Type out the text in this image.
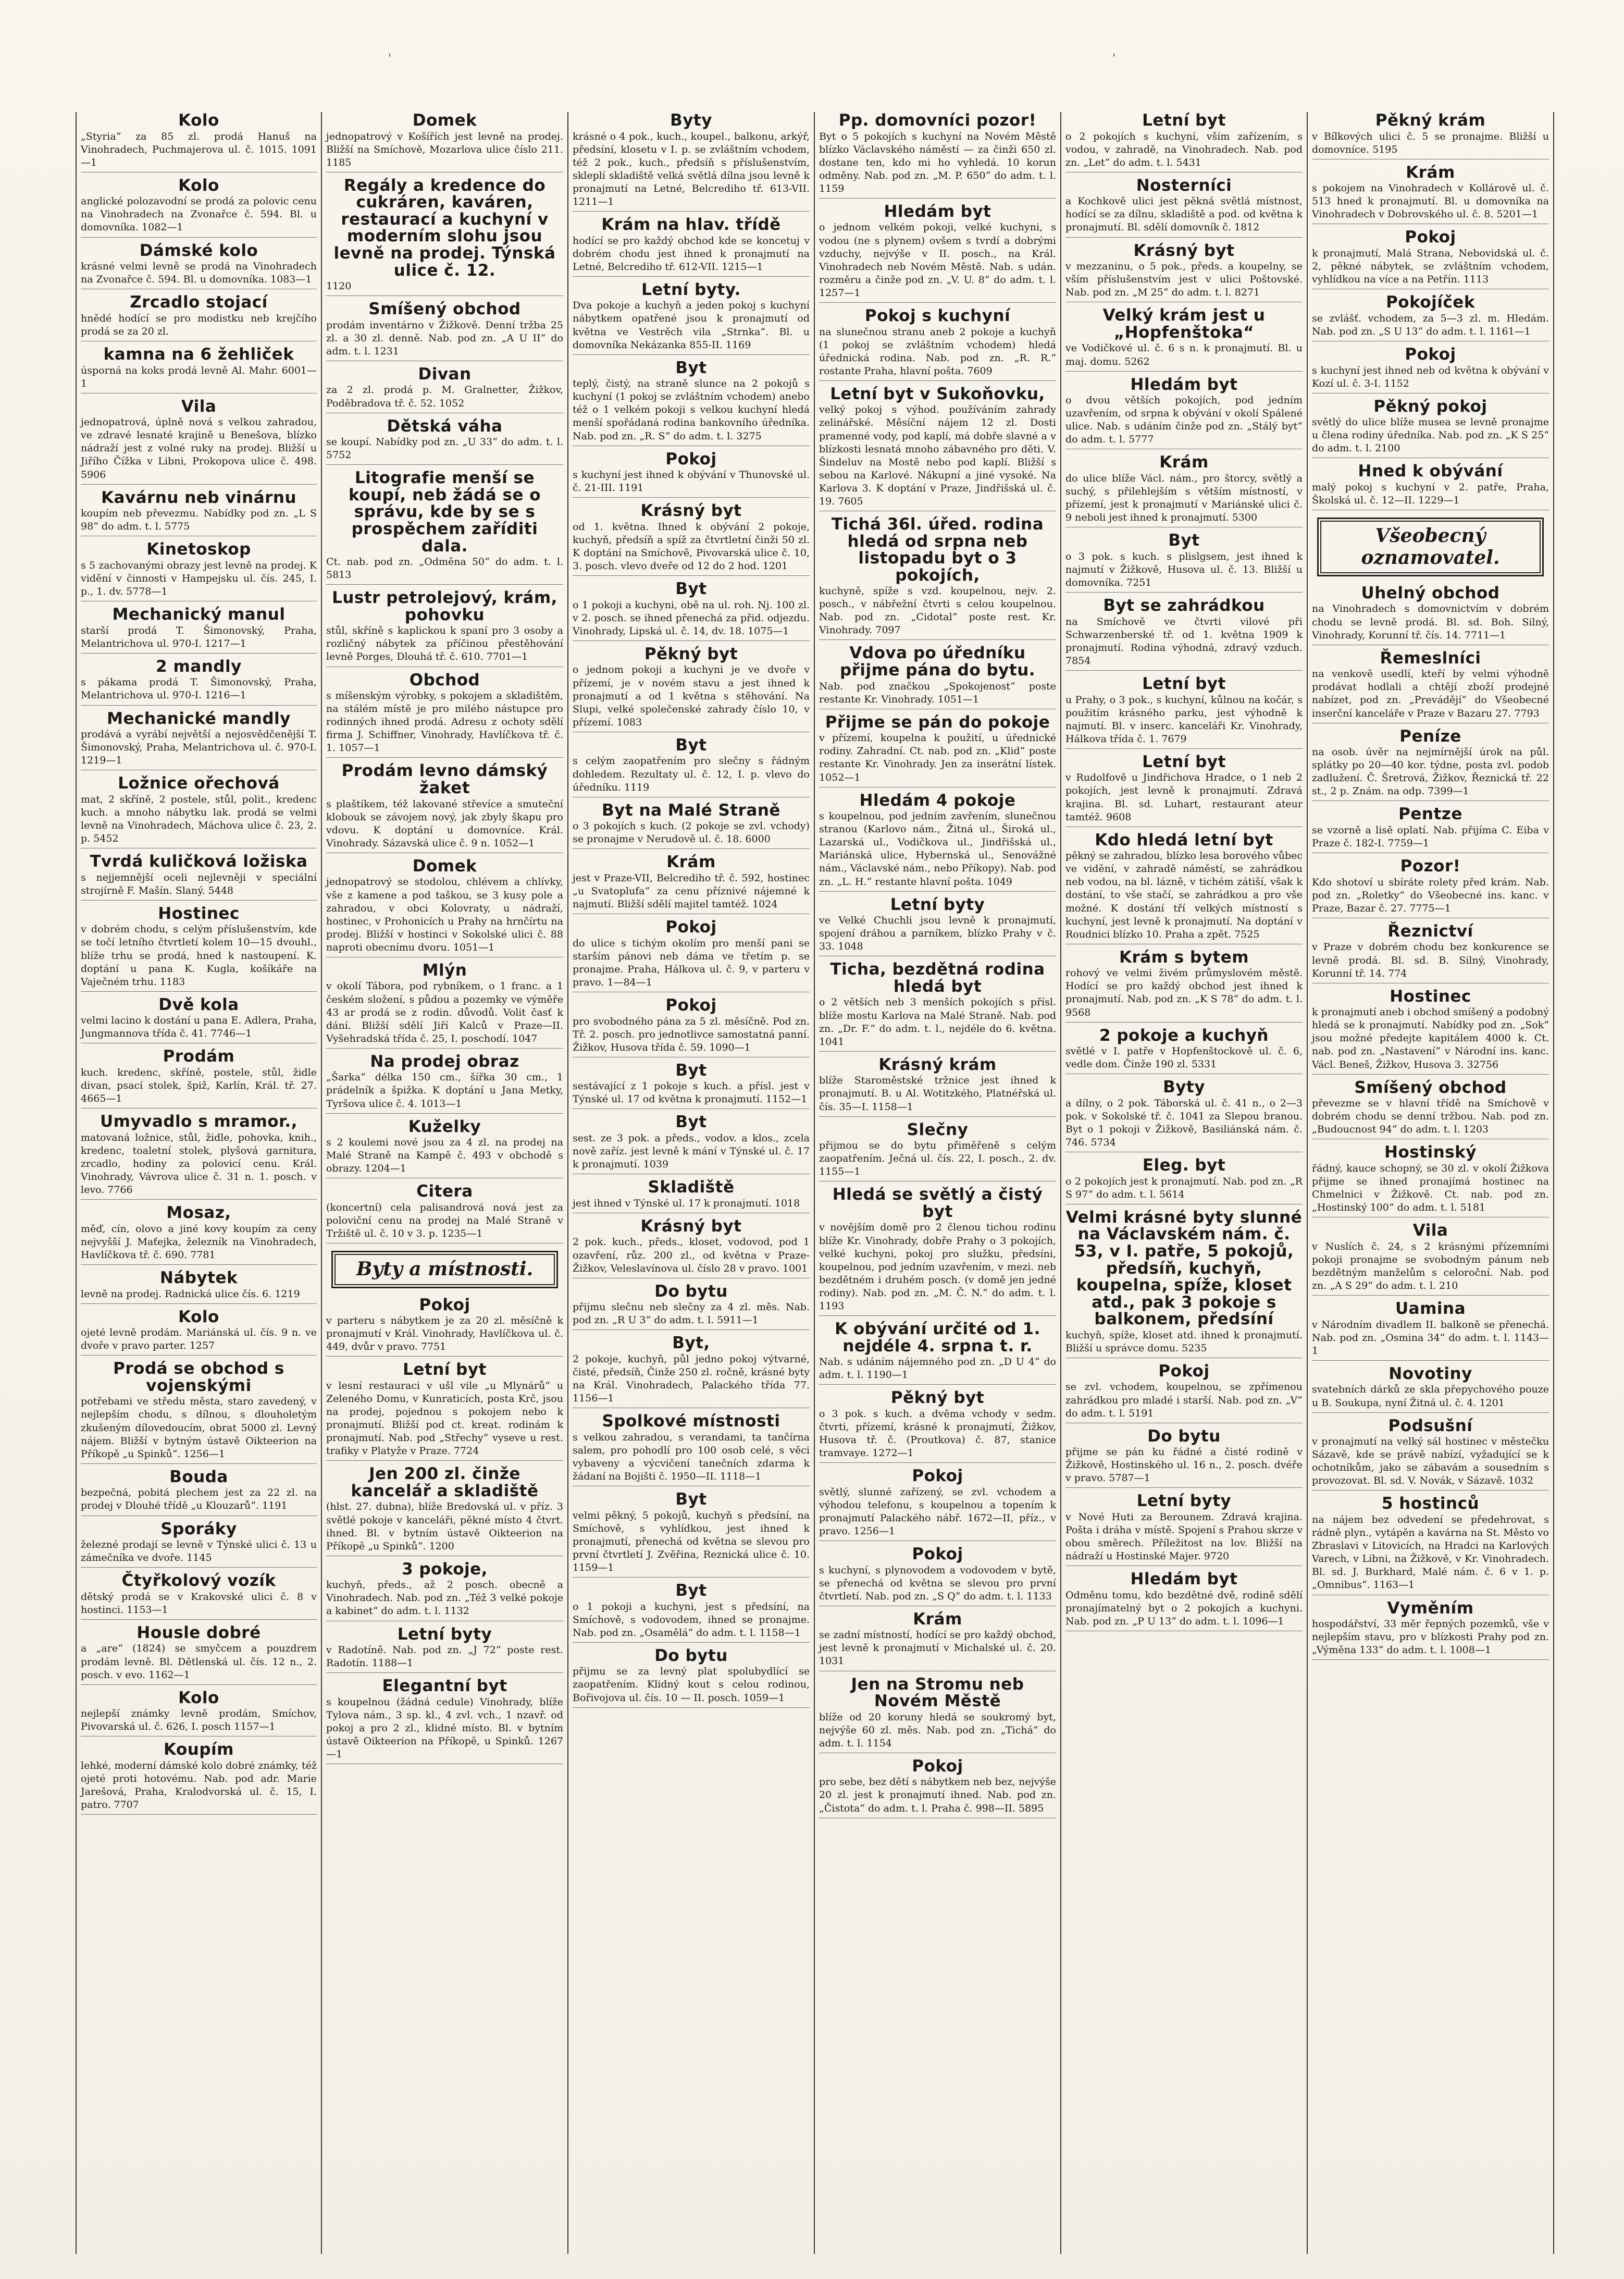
'	'
Kolo
„Styria“ za 85 zl. prodá Hanuš na Vinohradech, Puchmajerova ul. č. 1015. 1091—1
Kolo
anglické polozavodní se prodá za polovic cenu na Vinohradech na Zvonařce č. 594. Bl. u domovníka. 1082—1
Dámské kolo
krásné velmi levně se prodá na Vinohradech na Zvonařce č. 594. Bl. u domovníka. 1083—1
Zrcadlo stojací
hnědé hodící se pro modistku neb krejčího prodá se za 20 zl.
kamna na 6 žehliček
úsporná na koks prodá levně Al. Mahr. 6001—1
Vila
jednopatrová, úplně nová s velkou zahradou, ve zdravé lesnaté krajině u Benešova, blízko nádraží jest z volné ruky na prodej. Bližší u Jiřího Čížka v Libni, Prokopova ulice č. 498. 5906
Kavárnu neb vinárnu
koupím neb převezmu. Nabídky pod zn. „L S 98“ do adm. t. l. 5775
Kinetoskop
s 5 zachovanými obrazy jest levně na prodej. K vidění v činnosti v Hampejsku ul. čís. 245, I. p., 1. dv. 5778—1
Mechanický manul
starší prodá T. Šimonovský, Praha, Melantrichova ul. 970-I. 1217—1
2 mandly
s pákama prodá T. Šimonovský, Praha, Melantrichova ul. 970-I. 1216—1
Mechanické mandly
prodává a vyrábí největší a nejosvědčenější T. Šimonovský, Praha, Melantrichova ul. č. 970-I. 1219—1
Ložnice ořechová
mat, 2 skříně, 2 postele, stůl, polit., kredenc kuch. a mnoho nábytku lak. prodá se velmi levně na Vinohradech, Máchova ulice č. 23, 2. p. 5452
Tvrdá kuličková ložiska
s nejjemnější oceli nejlevněji v speciální strojírně F. Mašín. Slaný. 5448
Hostinec
v dobrém chodu, s celým příslušenstvím, kde se točí letního čtvrtletí kolem 10—15 dvouhl., blíže trhu se prodá, hned k nastoupení. K. doptání u pana K. Kugla, košíkáře na Vaječném trhu. 1183
Dvě kola
velmi lacino k dostání u pana E. Adlera, Praha, Jungmannova třída č. 41. 7746—1
Prodám
kuch. kredenc, skříně, postele, stůl, židle divan, psací stolek, špiž, Karlín, Král. tř. 27. 4665—1
Umyvadlo s mramor.,
matovaná ložnice, stůl, židle, pohovka, knih., kredenc, toaletní stolek, plyšová garnitura, zrcadlo, hodiny za polovicí cenu. Král. Vinohrady, Vávrova ulice č. 31 n. 1. posch. v levo. 7766
Mosaz,
měď, cín, olovo a jiné kovy koupím za ceny nejvyšší J. Maťejka, železník na Vinohradech, Havlíčkova tř. č. 690. 7781
Nábytek
levně na prodej. Radnická ulice čís. 6. 1219
Kolo
ojeté levně prodám. Mariánská ul. čís. 9 n. ve dvoře v pravo parter. 1257
Prodá se obchod s vojenskými
potřebami ve středu města, staro zavedený, v nejlepším chodu, s dílnou, s dlouholetým zkušeným dílovedoucím, obrat 5000 zl. Levný nájem. Bližší v bytným ústavě Oikteerion na Příkopě „u Spinků“. 1256—1
Bouda
bezpečná, pobitá plechem jest za 22 zl. na prodej v Dlouhé třídě „u Klouzarů“. 1191
Sporáky
železné prodají se levně v Týnské ulici č. 13 u zámečníka ve dvoře. 1145
Čtyřkolový vozík
dětský prodá se v Krakovské ulici č. 8 v hostinci. 1153—1
Housle dobré
a „are“ (1824) se smyčcem a pouzdrem prodám levně. Bl. Dětlenská ul. čís. 12 n., 2. posch. v evo. 1162—1
Kolo
nejlepší známky levně prodám, Smíchov, Pivovarská ul. č. 626, I. posch 1157—1
Koupím
lehké, moderní dámské kolo dobré známky, též ojeté proti hotovému. Nab. pod adr. Marie Jarešová, Praha, Kralodvorská ul. č. 15, I. patro. 7707
Domek
jednopatrový v Košířích jest levně na prodej. Bližší na Smíchově, Mozarlova ulice číslo 211. 1185
Regály a kredence do cukráren, kaváren, restaurací a kuchyní v moderním slohu jsou levně na prodej. Týnská ulice č. 12.
1120
Smíšený obchod
prodám inventárno v Žižkově. Denní tržba 25 zl. a 30 zl. denně. Nab. pod zn. „A U II“ do adm. t. l. 1231
Divan
za 2 zl. prodá p. M. Gralnetter, Žižkov, Poděbradova tř. č. 52. 1052
Dětská váha
se koupí. Nabídky pod zn. „U 33“ do adm. t. l. 5752
Litografie menší se koupí, neb žádá se o správu, kde by se s prospěchem zaříditi dala.
Ct. nab. pod zn. „Odměna 50“ do adm. t. l. 5813
Lustr petrolejový, krám, pohovku
stůl, skříně s kaplickou k spaní pro 3 osoby a rozličný nábytek za příčinou přestěhování levně Porges, Dlouhá tř. č. 610. 7701—1
Obchod
s míšenským výrobky, s pokojem a skladištěm, na stálém místě je pro milého nástupce pro rodinných ihned prodá. Adresu z ochoty sdělí firma J. Schiffner, Vinohrady, Havlíčkova tř. č. 1. 1057—1
Prodám levno dámský žaket
s plaštíkem, též lakované střevíce a smuteční klobouk se závojem nový, jak zbyly škapu pro vdovu. K doptání u domovníce. Král. Vinohrady. Sázavská ulice č. 9 n. 1052—1
Domek
jednopatrový se stodolou, chlévem a chlívky, vše z kamene a pod taškou, se 3 kusy pole a zahradou, v obci Kolovraty, u nádraží, hostinec, v Prohonicích u Prahy na hrnčírtu na prodej. Bližší v hostinci v Sokolské ulici č. 88 naproti obecnímu dvoru. 1051—1
Mlýn
v okolí Tábora, pod rybníkem, o 1 franc. a 1 českém složení, s půdou a pozemky ve výměře 43 ar prodá se z rodin. důvodů. Volit časť k dání. Bližší sdělí Jiří Kalců v Praze—II. Vyšehradská třída č. 25, I. poschodí. 1047
Na prodej obraz
„Šarka“ délka 150 cm., šířka 30 cm., 1 prádelník a špižka. K doptání u Jana Metky, Tyršova ulice č. 4. 1013—1
Kuželky
s 2 koulemi nové jsou za 4 zl. na prodej na Malé Straně na Kampě č. 493 v obchodě s obrazy. 1204—1
Citera
(koncertní) cela palisandrová nová jest za poloviční cenu na prodej na Malé Straně v Tržiště ul. č. 10 v 3. p. 1235—1
Byty a místnosti.
Pokoj
v parteru s nábytkem je za 20 zl. měsíčně k pronajmutí v Král. Vinohrady, Havlíčkova ul. č. 449, dvůr v pravo. 7751
Letní byt
v lesní restauraci v ušl vile „u Mlynárů“ u Zeleného Domu, v Kunraticích, posta Krč, jsou na prodej, pojednou s pokojem nebo k pronajmutí. Bližší pod ct. kreat. rodinám k pronajmutí. Nab. pod „Střechy“ vyseve u rest. trafiky v Platyže v Praze. 7724
Jen 200 zl. činže kancelář a skladiště
(hlst. 27. dubna), blíže Bredovská ul. v příz. 3 světlé pokoje v kanceláři, pěkné místo 4 čtvrt. ihned. Bl. v bytním ústavě Oikteerion na Příkopě „u Spinků“. 1200
3 pokoje,
kuchyň, předs., až 2 posch. obecně a Vinohradech. Nab. pod zn. „Též 3 velké pokoje a kabinet“ do adm. t. l. 1132
Letní byty
v Radotíně. Nab. pod zn. „J 72“ poste rest. Radotín. 1188—1
Elegantní byt
s koupelnou (žádná cedule) Vinohrady, blíže Tylova nám., 3 sp. kl., 4 zvl. vch., 1 nzavř. od pokoj a pro 2 zl., klidné místo. Bl. v bytním ústavě Oikteerion na Příkopě, u Spinků. 1267—1
Byty
krásné o 4 pok., kuch., koupel., balkonu, arkýř, předsíní, klosetu v I. p. se zvláštním vchodem, též 2 pok., kuch., předsíň s příslušenstvím, skleplí skladiště velká světlá dílna jsou levně k pronajmutí na Letné, Belcrediho tř. 613-VII. 1211—1
Krám na hlav. třídě
hodící se pro každý obchod kde se koncetuj v dobrém chodu jest ihned k pronajmutí na Letné, Belcrediho tř. 612-VII. 1215—1
Letní byty.
Dva pokoje a kuchyň a jeden pokoj s kuchyní nábytkem opatřené jsou k pronajmutí od května ve Vestrěch vila „Strnka“. Bl. u domovníka Nekázanka 855-II. 1169
Byt
teplý, čistý, na straně slunce na 2 pokojů s kuchyní (1 pokoj se zvláštním vchodem) anebo též o 1 velkém pokoji s velkou kuchyní hledá menší spořádaná rodina bankovního úředníka. Nab. pod zn. „R. S“ do adm. t. l. 3275
Pokoj
s kuchyní jest ihned k obývání v Thunovské ul. č. 21-III. 1191
Krásný byt
od 1. května. Ihned k obývání 2 pokoje, kuchyň, předsíň a spíž za čtvrtletní činži 50 zl. K doptání na Smíchově, Pivovarská ulice č. 10, 3. posch. vlevo dveře od 12 do 2 hod. 1201
Byt
o 1 pokoji a kuchyni, obě na ul. roh. Nj. 100 zl. v 2. posch. se ihned přenechá za přid. odjezdu. Vinohrady, Lipská ul. č. 14, dv. 18. 1075—1
Pěkný byt
o jednom pokoji a kuchyni je ve dvoře v přízemí, je v novém stavu a jest ihned k pronajmutí a od 1 května s stěhování. Na Slupi, velké společenské zahrady číslo 10, v přízemí. 1083
Byt
s celým zaopatřením pro slečny s řádným dohledem. Rezultaty ul. č. 12, I. p. vlevo do úředníku. 1119
Byt na Malé Straně
o 3 pokojích s kuch. (2 pokoje se zvl. vchody) se pronajme v Nerudově ul. č. 18. 6000
Krám
jest v Praze-VII, Belcrediho tř. č. 592, hostinec „u Svatoplufa“ za cenu příznivé nájemné k najmutí. Bližší sdělí majitel tamtéž. 1024
Pokoj
do ulice s tichým okolím pro menší pani se starším pánovi neb dáma ve třetím p. se pronajme. Praha, Hálkova ul. č. 9, v parteru v pravo. 1—84—1
Pokoj
pro svobodného pána za 5 zl. měsíčně. Pod zn. Tř. 2. posch. pro jednotlivce samostatná panní. Žižkov, Husova třída č. 59. 1090—1
Byt
sestávající z 1 pokoje s kuch. a přísl. jest v Týnské ul. 17 od května k pronajmutí. 1152—1
Byt
sest. ze 3 pok. a předs., vodov. a klos., zcela nově zaříz. jest levně k mání v Týnské ul. č. 17 k pronajmutí. 1039
Skladiště
jest ihned v Týnské ul. 17 k pronajmutí. 1018
Krásný byt
2 pok. kuch., předs., kloset, vodovod, pod 1 ozavření, růz. 200 zl., od května v Praze-Žižkov, Veleslavínova ul. číslo 28 v pravo. 1001
Do bytu
přijmu slečnu neb slečny za 4 zl. měs. Nab. pod zn. „R U 3“ do adm. t. l. 5911—1
Byt,
2 pokoje, kuchyň, půl jedno pokoj výtvarné, čisté, předsíň, Činže 250 zl. ročně, krásné byty na Král. Vinohradech, Palackého třída 77. 1156—1
Spolkové místnosti
s velkou zahradou, s verandami, ta tančírna salem, pro pohodlí pro 100 osob celé, s věci vybaveny a výcvičení tanečních zdarma k žádaní na Bojišti č. 1950—II. 1118—1
Byt
velmi pěkný, 5 pokojů, kuchyň s předsíní, na Smíchově, s vyhlídkou, jest ihned k pronajmutí, přenechá od května se slevou pro první čtvrtletí J. Zvěřina, Reznická ulice č. 10. 1159—1
Byt
o 1 pokoji a kuchyni, jest s předsíní, na Smíchově, s vodovodem, ihned se pronajme. Nab. pod zn. „Osamělá“ do adm. t. l. 1158—1
Do bytu
přijmu se za levný plat spolubydlící se zaopatřením. Klidný kout s celou rodinou, Bořivojova ul. čís. 10 — II. posch. 1059—1
Pp. domovníci pozor!
Byt o 5 pokojích s kuchyní na Novém Městě blízko Václavského náměstí — za činži 650 zl. dostane ten, kdo mi ho vyhledá. 10 korun odměny. Nab. pod zn. „M. P. 650“ do adm. t. l. 1159
Hledám byt
o jednom velkém pokoji, velké kuchyni, s vodou (ne s plynem) ovšem s tvrdí a dobrými vzduchy, nejvýše v II. posch., na Král. Vinohradech neb Novém Městě. Nab. s udán. rozměru a činže pod zn. „V. U. 8“ do adm. t. l. 1257—1
Pokoj s kuchyní
na slunečnou stranu aneb 2 pokoje a kuchyň (1 pokoj se zvláštním vchodem) hledá úřednická rodina. Nab. pod zn. „R. R.“ rostante Praha, hlavní pošta. 7609
Letní byt v Sukoňovku,
velký pokoj s výhod. používáním zahrady zelinářské. Měsíční nájem 12 zl. Dosti pramenné vody, pod kaplí, má dobře slavné a v blízkosti lesnatá mnoho zábavného pro děti. V. Šindeluv na Mostě nebo pod kaplí. Bližší s sebou na Karlové. Nákupní a jiné vysoké. Na Karlova 3. K doptání v Praze, Jindřišská ul. č. 19. 7605
Tichá 36l. úřed. rodina hledá od srpna neb listopadu byt o 3 pokojích,
kuchyně, spíže s vzd. koupelnou, nejv. 2. posch., v nábřežní čtvrti s celou koupelnou. Nab. pod zn. „Cidotal“ poste rest. Kr. Vinohrady. 7097
Vdova po úředníku přijme pána do bytu.
Nab. pod značkou „Spokojenost“ poste restante Kr. Vinohrady. 1051—1
Přijme se pán do pokoje
v přízemí, koupelna k použití, u úřednické rodiny. Zahradní. Ct. nab. pod zn. „Klid“ poste restante Kr. Vinohrady. Jen za inserátní lístek. 1052—1
Hledám 4 pokoje
s koupelnou, pod jedním zavřením, slunečnou stranou (Karlovo nám., Žitná ul., Široká ul., Lazarská ul., Vodičkova ul., Jindřišská ul., Mariánská ulice, Hybernská ul., Senovážné nám., Václavské nám., nebo Příkopy). Nab. pod zn. „L. H.“ restante hlavní pošta. 1049
Letní byty
ve Velké Chuchli jsou levně k pronajmutí, spojení dráhou a parníkem, blízko Prahy v č. 33. 1048
Ticha, bezdětná rodina hledá byt
o 2 větších neb 3 menších pokojích s přísl. blíže mostu Karlova na Malé Straně. Nab. pod zn. „Dr. F.“ do adm. t. l., nejdéle do 6. května. 1041
Krásný krám
blíže Staroměstské tržnice jest ihned k pronajmutí. B. u Al. Wotitzkého, Platnéřská ul. čís. 35—I. 1158—1
Slečny
přijmou se do bytu přiměřeně s celým zaopatřením. Ječná ul. čís. 22, I. posch., 2. dv. 1155—1
Hledá se světlý a čistý byt
v novějším domě pro 2 členou tichou rodinu blíže Kr. Vinohrady, dobře Prahy o 3 pokojích, velké kuchyni, pokoj pro služku, předsíni, koupelnou, pod jedním uzavřením, v mezi. neb bezdětném i druhém posch. (v domě jen jedné rodiny). Nab. pod zn. „M. Č. N.“ do adm. t. l. 1193
K obývání určité od 1. nejdéle 4. srpna t. r.
Nab. s udáním nájemného pod zn. „D U 4“ do adm. t. l. 1190—1
Pěkný byt
o 3 pok. s kuch. a dvěma vchody v sedm. čtvrti, přízemí, krásné k pronajmutí, Žižkov, Husova tř. č. (Proutkova) č. 87, stanice tramvaye. 1272—1
Pokoj
světlý, slunné zařízený, se zvl. vchodem a výhodou telefonu, s koupelnou a topením k pronajmutí Palackého nábř. 1672—II, příz., v pravo. 1256—1
Pokoj
s kuchyní, s plynovodem a vodovodem v bytě, se přenechá od května se slevou pro první čtvrtletí. Nab. pod zn. „S Q“ do adm. t. l. 1133
Krám
se zadní místností, hodící se pro každý obchod, jest levně k pronajmutí v Michalské ul. č. 20. 1031
Jen na Stromu neb Novém Městě
blíže od 20 koruny hledá se soukromý byt, nejvýše 60 zl. měs. Nab. pod zn. „Tichá“ do adm. t. l. 1154
Pokoj
pro sebe, bez dětí s nábytkem neb bez, nejvýše 20 zl. jest k pronajmutí ihned. Nab. pod zn. „Čistota“ do adm. t. l. Praha č. 998—II. 5895
Letní byt
o 2 pokojích s kuchyní, vším zařízením, s vodou, v zahradě, na Vinohradech. Nab. pod zn. „Let“ do adm. t. l. 5431
Nosterníci
a Kochkově ulici jest pěkná světlá místnost, hodící se za dílnu, skladiště a pod. od května k pronajmutí. Bl. sdělí domovník č. 1812
Krásný byt
v mezzaninu, o 5 pok., předs. a koupelny, se vším příslušenstvím jest v ulici Poštovské. Nab. pod zn. „M 25“ do adm. t. l. 8271
Velký krám jest u „Hopfenštoka“
ve Vodičkové ul. č. 6 s n. k pronajmutí. Bl. u maj. domu. 5262
Hledám byt
o dvou větších pokojích, pod jedním uzavřením, od srpna k obývání v okolí Spálené ulice. Nab. s udáním činže pod zn. „Stálý byt“ do adm. t. l. 5777
Krám
do ulice blíže Václ. nám., pro štorcy, světlý a suchý, s přilehlejším s větším místností, v přízemí, jest k pronajmutí v Mariánské ulici č. 9 neboli jest ihned k pronajmutí. 5300
Byt
o 3 pok. s kuch. s plislgsem, jest ihned k najmutí v Žižkově, Husova ul. č. 13. Bližší u domovníka. 7251
Byt se zahrádkou
na Smíchově ve čtvrti vilové při Schwarzenberské tř. od 1. května 1909 k pronajmutí. Rodina výhodná, zdravý vzduch. 7854
Letní byt
u Prahy, o 3 pok., s kuchyní, kůlnou na kočár, s použitím krásného parku, jest výhodně k najmutí. Bl. v inserc. kanceláři Kr. Vinohrady, Hálkova třída č. 1. 7679
Letní byt
v Rudolfově u Jindřichova Hradce, o 1 neb 2 pokojích, jest levně k pronajmutí. Zdravá krajina. Bl. sd. Luhart, restaurant ateur tamtéž. 9608
Kdo hledá letní byt
pěkný se zahradou, blízko lesa borového vůbec ve vidění, v zahradě náměstí, se zahrádkou neb vodou, na bl. lázně, v tichém zátiší, však k dostání, to vše stačí, se zahrádkou a pro vše možné. K dostání tří velkých místností s kuchyní, jest levně k pronajmutí. Na doptání v Roudnici blízko 10. Praha a zpět. 7525
Krám s bytem
rohový ve velmi živém průmyslovém městě. Hodící se pro každý obchod jest ihned k pronajmutí. Nab. pod zn. „K S 78“ do adm. t. l. 9568
2 pokoje a kuchyň
světlé v I. patře v Hopfenštockově ul. č. 6, vedle dom. Činže 190 zl. 5331
Byty
a dílny, o 2 pok. Táborská ul. č. 41 n., o 2—3 pok. v Sokolské tř. č. 1041 za Slepou branou. Byt o 1 pokoji v Žižkově, Basiliánská nám. č. 746. 5734
Eleg. byt
o 2 pokojích jest k pronajmutí. Nab. pod zn. „R S 97“ do adm. t. l. 5614
Velmi krásné byty slunné na Václavském nám. č. 53, v I. patře, 5 pokojů, předsíň, kuchyň, koupelna, spíže, kloset atd., pak 3 pokoje s balkonem, předsíní
kuchyň, spíže, kloset atd. ihned k pronajmutí. Bližší u správce domu. 5235
Pokoj
se zvl. vchodem, koupelnou, se zpřímenou zahrádkou pro mladé i starší. Nab. pod zn. „V“ do adm. t. l. 5191
Do bytu
přijme se pán ku řádné a čisté rodině v Žižkově, Hostinského ul. 16 n., 2. posch. dvéře v pravo. 5787—1
Letní byty
v Nové Huti za Berounem. Zdravá krajina. Pošta i dráha v místě. Spojení s Prahou skrze v obou směrech. Příležitost na lov. Bližší na nádraží u Hostinské Majer. 9720
Hledám byt
Odměnu tomu, kdo bezdětné dvě, rodině sdělí pronajímatelný byt o 2 pokojích a kuchyni. Nab. pod zn. „P U 13“ do adm. t. l. 1096—1
Pěkný krám
v Bílkových ulici č. 5 se pronajme. Bližší u domovníce. 5195
Krám
s pokojem na Vinohradech v Kollárově ul. č. 513 hned k pronajmutí. Bl. u domovníka na Vinohradech v Dobrovského ul. č. 8. 5201—1
Pokoj
k pronajmutí, Malá Strana, Nebovidská ul. č. 2, pěkné nábytek, se zvláštním vchodem, vyhlídkou na více a na Petřín. 1113
Pokojíček
se zvlášť. vchodem, za 5—3 zl. m. Hledám. Nab. pod zn. „S U 13“ do adm. t. l. 1161—1
Pokoj
s kuchyní jest ihned neb od května k obývání v Kozí ul. č. 3-I. 1152
Pěkný pokoj
světlý do ulice blíže musea se levně pronajme u člena rodiny úředníka. Nab. pod zn. „K S 25“ do adm. t. l. 2100
Hned k obývání
malý pokoj s kuchyní v 2. patře, Praha, Školská ul. č. 12—II. 1229—1
Všeobecný oznamovatel.
Uhelný obchod
na Vinohradech s domovnictvím v dobrém chodu se levně prodá. Bl. sd. Boh. Silný, Vinohrady, Korunní tř. čís. 14. 7711—1
Řemeslníci
na venkově usedlí, kteří by velmi výhodně prodávat hodlali a chtějí zboží prodejné nabízet, pod zn. „Prevádějí“ do Všeobecné inserční kanceláře v Praze v Bazaru 27. 7793
Peníze
na osob. úvěr na nejmírnější úrok na půl. splátky po 20—40 kor. týdne, posta zvl. podob zadlužení. Č. Šretrová, Žižkov, Řeznická tř. 22 st., 2 p. Znám. na odp. 7399—1
Pentze
se vzorně a lisě oplatí. Nab. přijíma C. Eiba v Praze č. 182-I. 7759—1
Pozor!
Kdo shotoví u sbíráte rolety před krám. Nab. pod zn. „Roletky“ do Všeobecné ins. kanc. v Praze, Bazar č. 27. 7775—1
Řeznictví
v Praze v dobrém chodu bez konkurence se levně prodá. Bl. sd. B. Silný, Vinohrady, Korunní tř. 14. 774
Hostinec
k pronajmutí aneb i obchod smíšený a podobný hledá se k pronajmutí. Nabídky pod zn. „Sok“ jsou možné předejte kapitálem 4000 k. Ct. nab. pod zn. „Nastavení“ v Národní ins. kanc. Václ. Beneš, Žižkov, Husova 3. 32756
Smíšený obchod
převezme se v hlavní třídě na Smíchově v dobrém chodu se denní tržbou. Nab. pod zn. „Budoucnost 94“ do adm. t. l. 1203
Hostinský
řádný, kauce schopný, se 30 zl. v okolí Žižkova přijme se ihned pronajímá hostinec na Chmelnici v Žižkově. Ct. nab. pod zn. „Hostinský 100“ do adm. t. l. 5181
Vila
v Nuslích č. 24, s 2 krásnými přízemními pokoji pronajme se svobodným pánum neb bezdětným manželům s celoroční. Nab. pod zn. „A S 29“ do adm. t. l. 210
Uamina
v Národním divadlem II. balkoně se přenechá. Nab. pod zn. „Osmina 34“ do adm. t. l. 1143—1
Novotiny
svatebních dárků ze skla přepychového pouze u B. Soukupa, nyní Žitná ul. č. 4. 1201
Podsušní
v pronajmutí na velký sál hostinec v městečku Sázavě, kde se právě nabízí, vyžadující se k ochotníkům, jako se zábavám a sousedním s provozovat. Bl. sd. V. Novák, v Sázavě. 1032
5 hostinců
na nájem bez odvedení se předehrovat, s rádně plyn., vytápěn a kavárna na St. Město vo Zbraslavi v Litovicích, na Hradci na Karlových Varech, v Libni, na Žižkově, v Kr. Vinohradech. Bl. sd. J. Burkhard, Malé nám. č. 6 v 1. p. „Omnibus“. 1163—1
Vyměním
hospodářství, 33 měr řepných pozemků, vše v nejlepším stavu, pro v blízkosti Prahy pod zn. „Výměna 133“ do adm. t. l. 1008—1
